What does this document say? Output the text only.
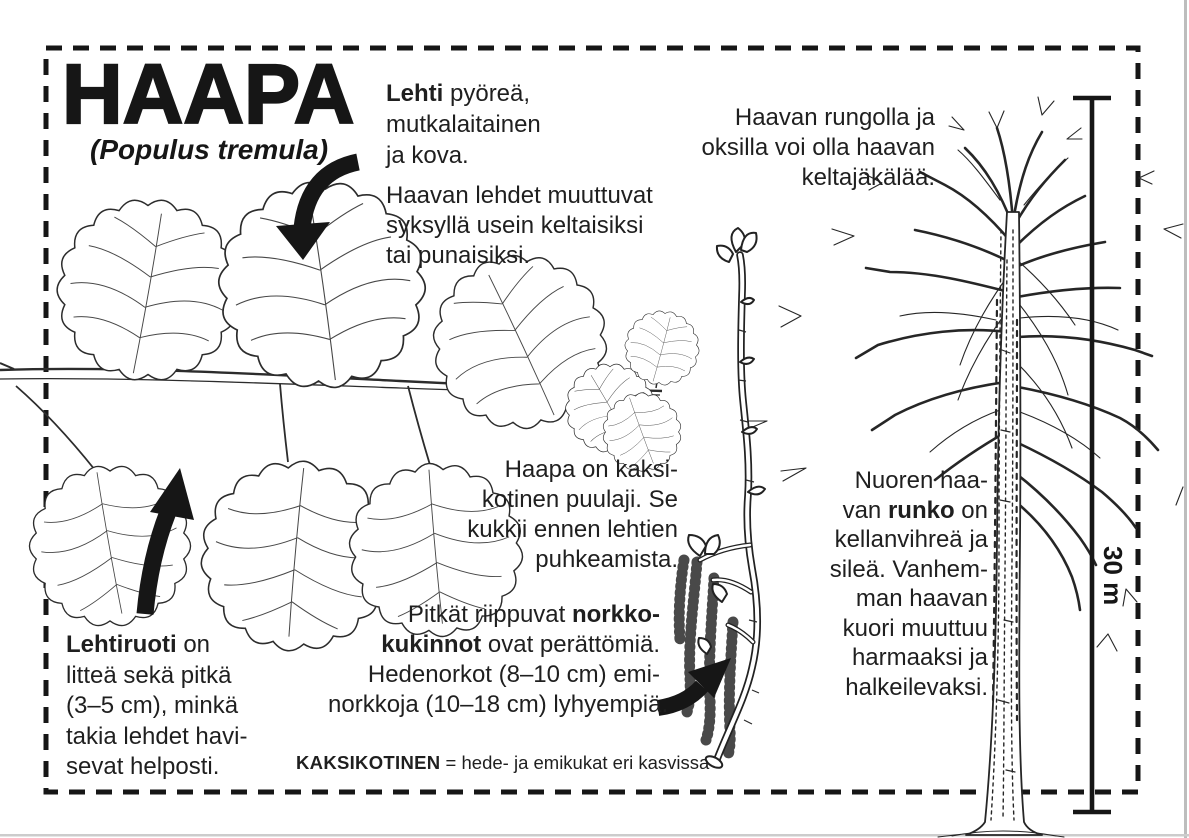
HAAPA
(Populus tremula)
Lehti pyöreä,
mutkalaitainen
ja kova.
Haavan lehdet muuttuvat
syksyllä usein keltaisiksi
tai punaisiksi.
Haavan rungolla ja
oksilla voi olla haavan
keltajäkälää.
Haapa on kaksi-
kotinen puulaji. Se
kukkii ennen lehtien
puhkeamista.
Pitkät riippuvat norkko-
kukinnot ovat perättömiä.
Hedenorkot (8–10 cm) emi-
norkkoja (10–18 cm) lyhyempiä.
Lehtiruoti on
litteä sekä pitkä
(3–5 cm), minkä
takia lehdet havi-
sevat helposti.
Nuoren haa-
van runko on
kellanvihreä ja
sileä. Vanhem-
man haavan
kuori muuttuu
harmaaksi ja
halkeilevaksi.
KAKSIKOTINEN = hede- ja emikukat eri kasvissa
30 m
